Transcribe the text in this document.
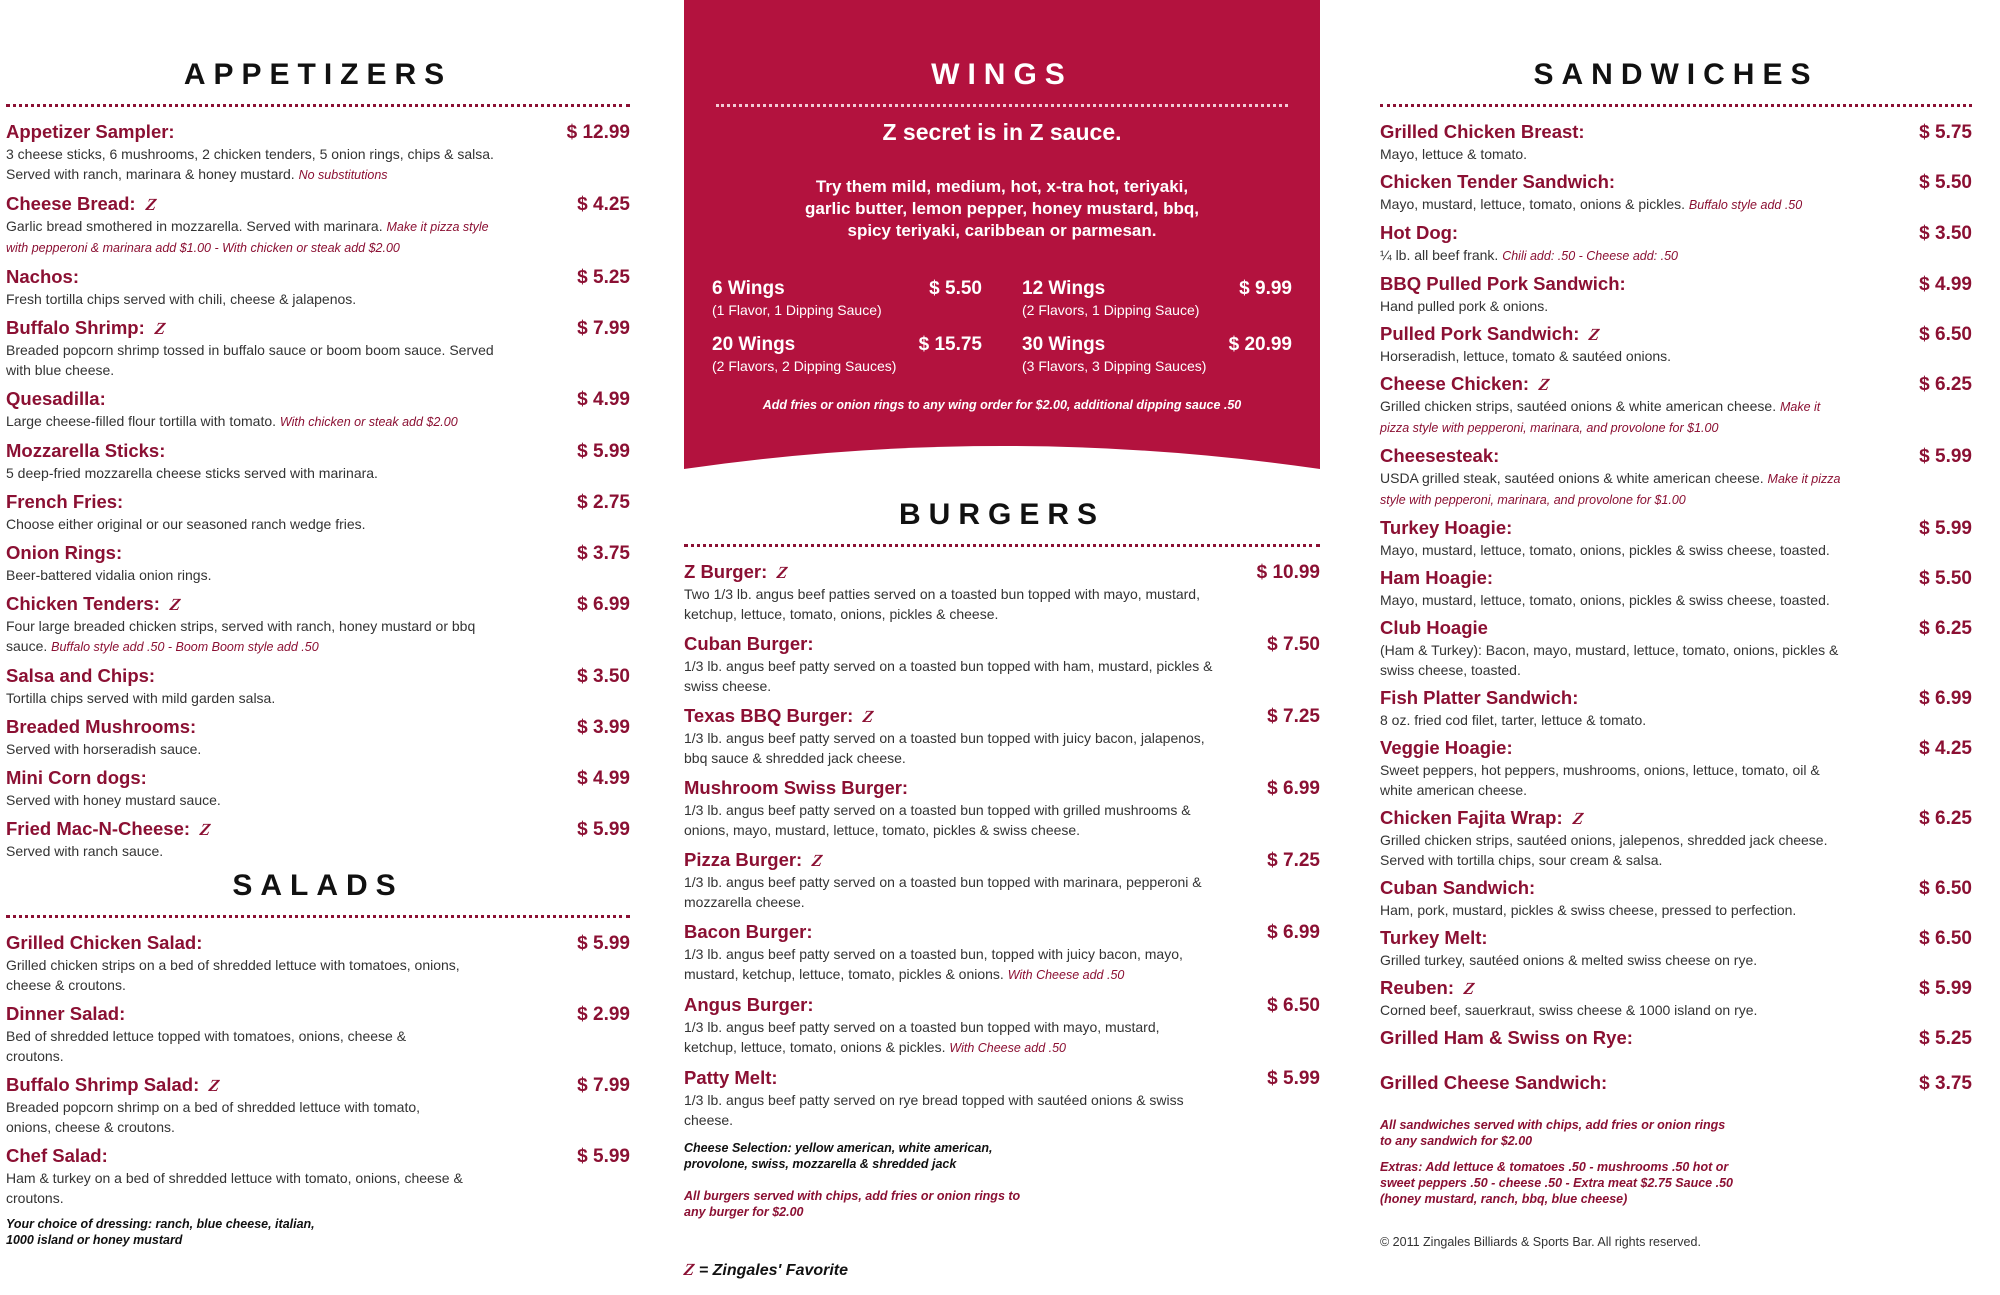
APPETIZERS
Appetizer Sampler:	$ 12.99
3 cheese sticks, 6 mushrooms, 2 chicken tenders, 5 onion rings, chips & salsa. Served with ranch, marinara & honey mustard. No substitutions
Cheese Bread: Z	$ 4.25
Garlic bread smothered in mozzarella. Served with marinara. Make it pizza style with pepperoni & marinara add $1.00 - With chicken or steak add $2.00
Nachos:	$ 5.25
Fresh tortilla chips served with chili, cheese & jalapenos.
Buffalo Shrimp: Z	$ 7.99
Breaded popcorn shrimp tossed in buffalo sauce or boom boom sauce. Served with blue cheese.
Quesadilla:	$ 4.99
Large cheese-filled flour tortilla with tomato. With chicken or steak add $2.00
Mozzarella Sticks:	$ 5.99
5 deep-fried mozzarella cheese sticks served with marinara.
French Fries:	$ 2.75
Choose either original or our seasoned ranch wedge fries.
Onion Rings:	$ 3.75
Beer-battered vidalia onion rings.
Chicken Tenders: Z	$ 6.99
Four large breaded chicken strips, served with ranch, honey mustard or bbq sauce. Buffalo style add .50 - Boom Boom style add .50
Salsa and Chips:	$ 3.50
Tortilla chips served with mild garden salsa.
Breaded Mushrooms:	$ 3.99
Served with horseradish sauce.
Mini Corn dogs:	$ 4.99
Served with honey mustard sauce.
Fried Mac-N-Cheese: Z	$ 5.99
Served with ranch sauce.
SALADS
Grilled Chicken Salad:	$ 5.99
Grilled chicken strips on a bed of shredded lettuce with tomatoes, onions, cheese & croutons.
Dinner Salad:	$ 2.99
Bed of shredded lettuce topped with tomatoes, onions, cheese & croutons.
Buffalo Shrimp Salad: Z	$ 7.99
Breaded popcorn shrimp on a bed of shredded lettuce with tomato, onions, cheese & croutons.
Chef Salad:	$ 5.99
Ham & turkey on a bed of shredded lettuce with tomato, onions, cheese & croutons.
Your choice of dressing: ranch, blue cheese, italian, 1000 island or honey mustard
WINGS
Z secret is in Z sauce.
Try them mild, medium, hot, x-tra hot, teriyaki, garlic butter, lemon pepper, honey mustard, bbq, spicy teriyaki, caribbean or parmesan.
6 Wings	$ 5.50
(1 Flavor, 1 Dipping Sauce)
12 Wings	$ 9.99
(2 Flavors, 1 Dipping Sauce)
20 Wings	$ 15.75
(2 Flavors, 2 Dipping Sauces)
30 Wings	$ 20.99
(3 Flavors, 3 Dipping Sauces)
Add fries or onion rings to any wing order for $2.00, additional dipping sauce .50
BURGERS
Z Burger: Z	$ 10.99
Two 1/3 lb. angus beef patties served on a toasted bun topped with mayo, mustard, ketchup, lettuce, tomato, onions, pickles & cheese.
Cuban Burger:	$ 7.50
1/3 lb. angus beef patty served on a toasted bun topped with ham, mustard, pickles & swiss cheese.
Texas BBQ Burger: Z	$ 7.25
1/3 lb. angus beef patty served on a toasted bun topped with juicy bacon, jalapenos, bbq sauce & shredded jack cheese.
Mushroom Swiss Burger:	$ 6.99
1/3 lb. angus beef patty served on a toasted bun topped with grilled mushrooms & onions, mayo, mustard, lettuce, tomato, pickles & swiss cheese.
Pizza Burger: Z	$ 7.25
1/3 lb. angus beef patty served on a toasted bun topped with marinara, pepperoni & mozzarella cheese.
Bacon Burger:	$ 6.99
1/3 lb. angus beef patty served on a toasted bun, topped with juicy bacon, mayo, mustard, ketchup, lettuce, tomato, pickles & onions. With Cheese add .50
Angus Burger:	$ 6.50
1/3 lb. angus beef patty served on a toasted bun topped with mayo, mustard, ketchup, lettuce, tomato, onions & pickles. With Cheese add .50
Patty Melt:	$ 5.99
1/3 lb. angus beef patty served on rye bread topped with sautéed onions & swiss cheese.
Cheese Selection: yellow american, white american, provolone, swiss, mozzarella & shredded jack
All burgers served with chips, add fries or onion rings to any burger for $2.00
Z = Zingales' Favorite
SANDWICHES
Grilled Chicken Breast:	$ 5.75
Mayo, lettuce & tomato.
Chicken Tender Sandwich:	$ 5.50
Mayo, mustard, lettuce, tomato, onions & pickles. Buffalo style add .50
Hot Dog:	$ 3.50
¼ lb. all beef frank. Chili add: .50 - Cheese add: .50
BBQ Pulled Pork Sandwich:	$ 4.99
Hand pulled pork & onions.
Pulled Pork Sandwich: Z	$ 6.50
Horseradish, lettuce, tomato & sautéed onions.
Cheese Chicken: Z	$ 6.25
Grilled chicken strips, sautéed onions & white american cheese. Make it pizza style with pepperoni, marinara, and provolone for $1.00
Cheesesteak:	$ 5.99
USDA grilled steak, sautéed onions & white american cheese. Make it pizza style with pepperoni, marinara, and provolone for $1.00
Turkey Hoagie:	$ 5.99
Mayo, mustard, lettuce, tomato, onions, pickles & swiss cheese, toasted.
Ham Hoagie:	$ 5.50
Mayo, mustard, lettuce, tomato, onions, pickles & swiss cheese, toasted.
Club Hoagie	$ 6.25
(Ham & Turkey): Bacon, mayo, mustard, lettuce, tomato, onions, pickles & swiss cheese, toasted.
Fish Platter Sandwich:	$ 6.99
8 oz. fried cod filet, tarter, lettuce & tomato.
Veggie Hoagie:	$ 4.25
Sweet peppers, hot peppers, mushrooms, onions, lettuce, tomato, oil & white american cheese.
Chicken Fajita Wrap: Z	$ 6.25
Grilled chicken strips, sautéed onions, jalepenos, shredded jack cheese. Served with tortilla chips, sour cream & salsa.
Cuban Sandwich:	$ 6.50
Ham, pork, mustard, pickles & swiss cheese, pressed to perfection.
Turkey Melt:	$ 6.50
Grilled turkey, sautéed onions & melted swiss cheese on rye.
Reuben: Z	$ 5.99
Corned beef, sauerkraut, swiss cheese & 1000 island on rye.
Grilled Ham & Swiss on Rye:	$ 5.25
Grilled Cheese Sandwich:	$ 3.75
All sandwiches served with chips, add fries or onion rings to any sandwich for $2.00
Extras: Add lettuce & tomatoes .50 - mushrooms .50 hot or sweet peppers .50 - cheese .50 - Extra meat $2.75 Sauce .50 (honey mustard, ranch, bbq, blue cheese)
© 2011 Zingales Billiards & Sports Bar. All rights reserved.
